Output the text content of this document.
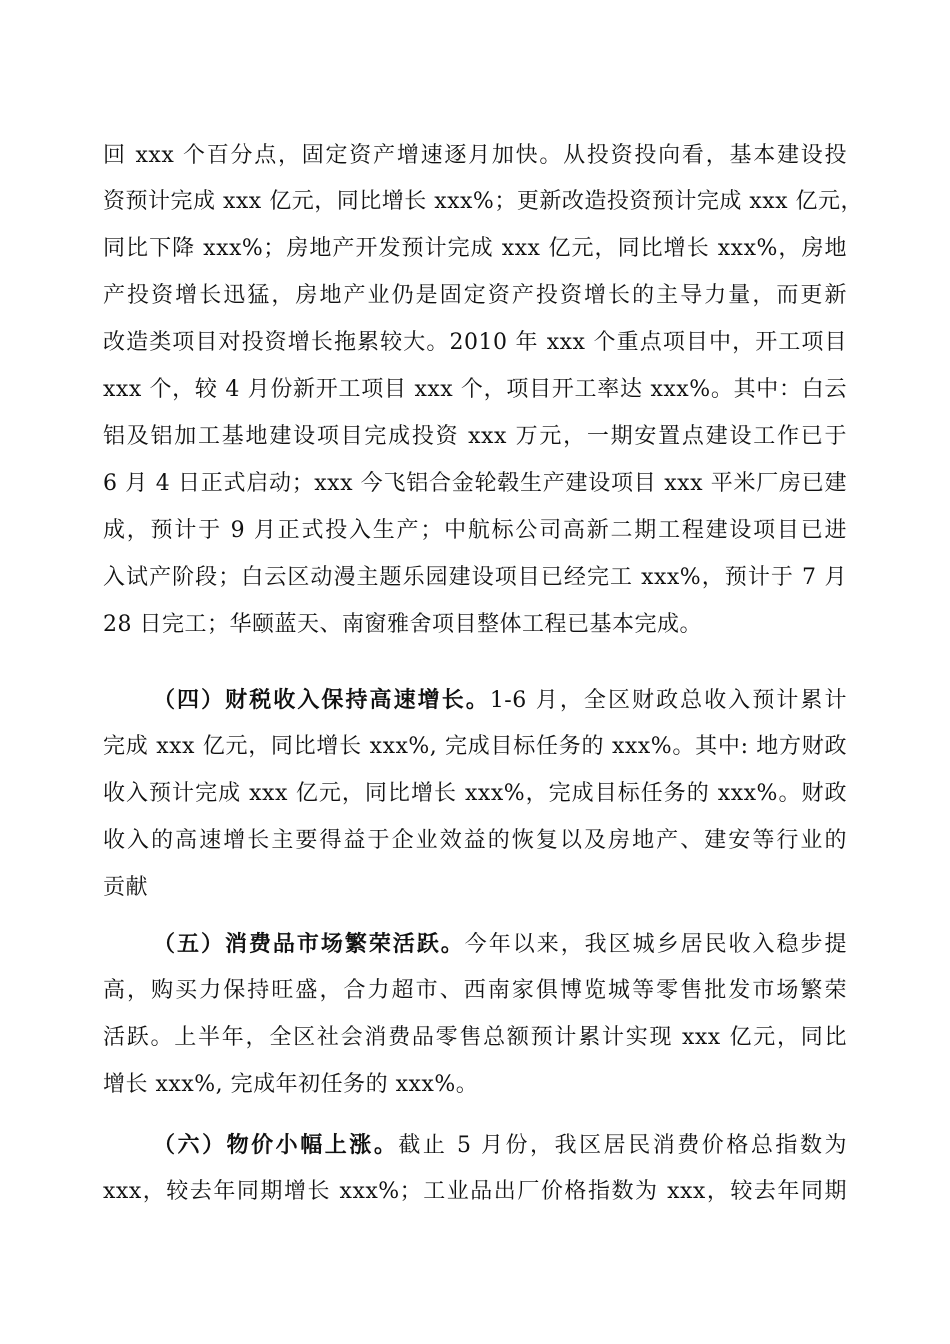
回 xxx 个百分点，固定资产增速逐月加快。从投资投向看，基本建设投
资预计完成 xxx 亿元，同比增长 xxx%；更新改造投资预计完成 xxx 亿元，
同比下降 xxx%；房地产开发预计完成 xxx 亿元，同比增长 xxx%，房地
产投资增长迅猛，房地产业仍是固定资产投资增长的主导力量，而更新
改造类项目对投资增长拖累较大。2010 年 xxx 个重点项目中，开工项目
xxx 个，较 4 月份新开工项目 xxx 个，项目开工率达 xxx%。其中：白云
铝及铝加工基地建设项目完成投资 xxx 万元，一期安置点建设工作已于
6 月 4 日正式启动；xxx 今飞铝合金轮毂生产建设项目 xxx 平米厂房已建
成，预计于 9 月正式投入生产；中航标公司高新二期工程建设项目已进
入试产阶段；白云区动漫主题乐园建设项目已经完工 xxx%，预计于 7 月
28 日完工；华颐蓝天、南窗雅舍项目整体工程已基本完成。
（四）财税收入保持高速增长。1-6 月，全区财政总收入预计累计
完成 xxx 亿元，同比增长 xxx%, 完成目标任务的 xxx%。其中: 地方财政
收入预计完成 xxx 亿元，同比增长 xxx%，完成目标任务的 xxx%。财政
收入的高速增长主要得益于企业效益的恢复以及房地产、建安等行业的
贡献
（五）消费品市场繁荣活跃。今年以来，我区城乡居民收入稳步提
高，购买力保持旺盛，合力超市、西南家俱博览城等零售批发市场繁荣
活跃。上半年，全区社会消费品零售总额预计累计实现 xxx 亿元，同比
增长 xxx%, 完成年初任务的 xxx%。
（六）物价小幅上涨。截止 5 月份，我区居民消费价格总指数为
xxx，较去年同期增长 xxx%；工业品出厂价格指数为 xxx，较去年同期
